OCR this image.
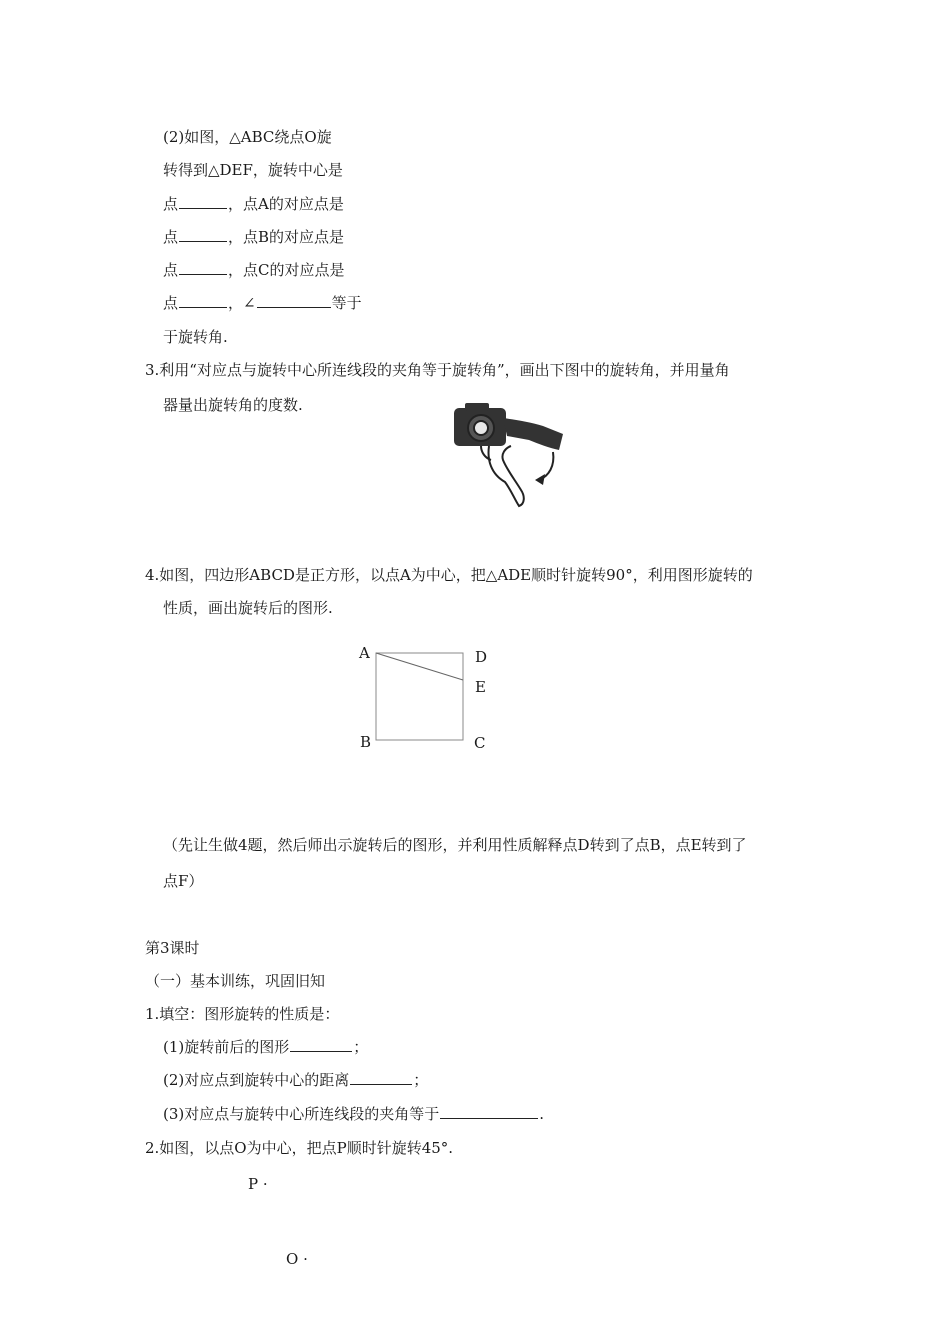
(2)如图，△ABC绕点O旋
转得到△DEF，旋转中心是
点	，点A的对应点是
点	，点B的对应点是
点	，点C的对应点是
点	，∠	等于
于旋转角.
3.利用“对应点与旋转中心所连线段的夹角等于旋转角”，画出下图中的旋转角，并用量角
器量出旋转角的度数.
4.如图，四边形ABCD是正方形，以点A为中心，把△ADE顺时针旋转90°，利用图形旋转的
性质，画出旋转后的图形.
A	D
E
B	C
（先让生做4题，然后师出示旋转后的图形，并利用性质解释点D转到了点B，点E转到了
点F）
第3课时
（一）基本训练，巩固旧知
1.填空：图形旋转的性质是：
(1)旋转前后的图形	；
(2)对应点到旋转中心的距离	；
(3)对应点与旋转中心所连线段的夹角等于	.
2.如图，以点O为中心，把点P顺时针旋转45°.
P ·
O ·
